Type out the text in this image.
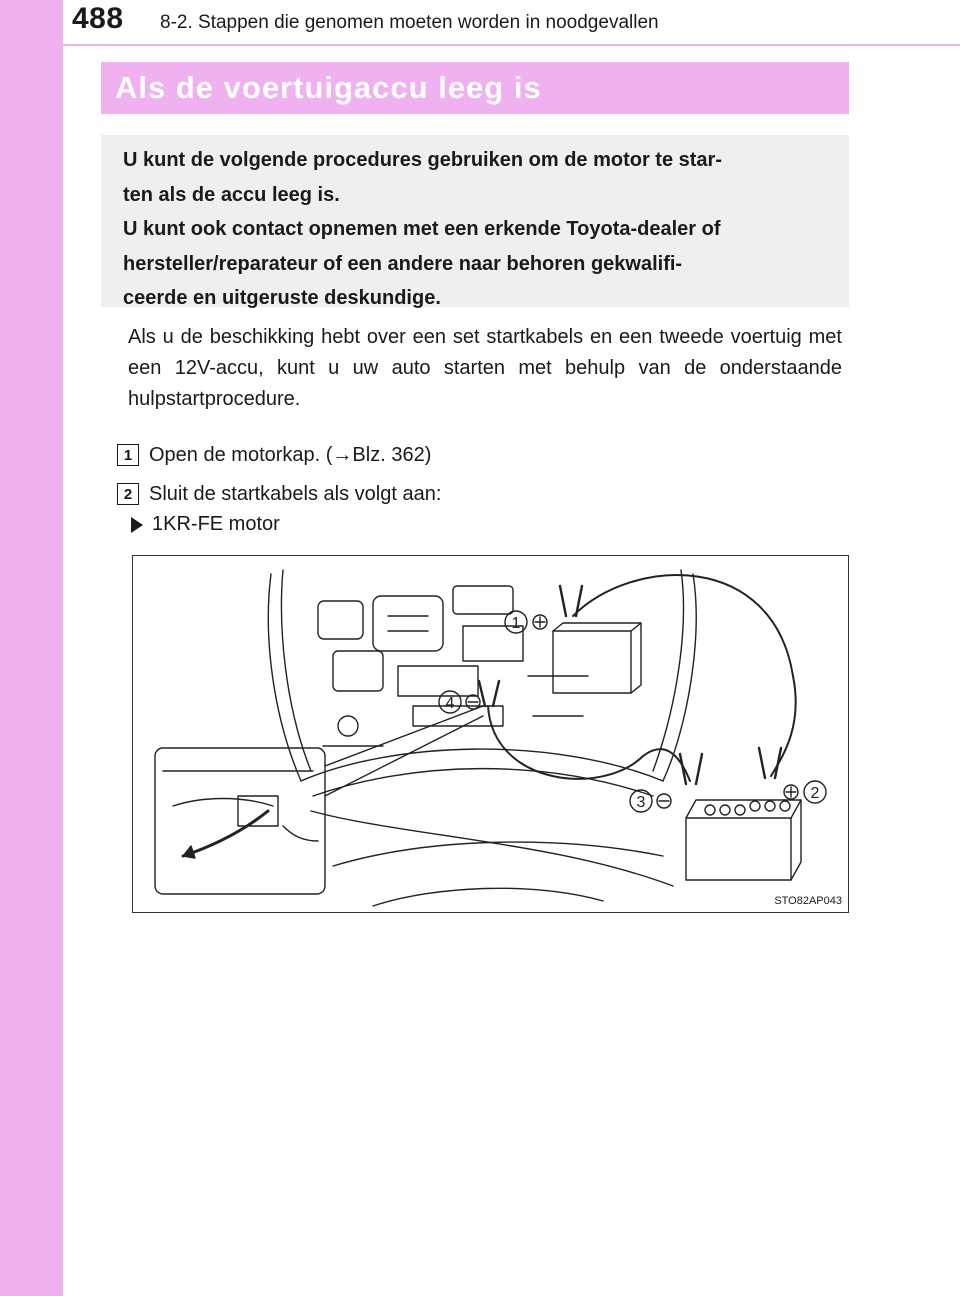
488 8-2. Stappen die genomen moeten worden in noodgevallen
Als de voertuigaccu leeg is

U kunt de volgende procedures gebruiken om de motor te star-
ten als de accu leeg is.
U kunt ook contact opnemen met een erkende Toyota-dealer of
hersteller/reparateur of een andere naar behoren gekwalifi-
ceerde en uitgeruste deskundige.

Als u de beschikking hebt over een set startkabels en een tweede voertuig met een 12V-accu, kunt u uw auto starten met behulp van de onderstaande hulpstartprocedure.

1 Open de motorkap. (→Blz. 362)
2 Sluit de startkabels als volgt aan:
1KR-FE motor
1
2
3
4
STO82AP043
